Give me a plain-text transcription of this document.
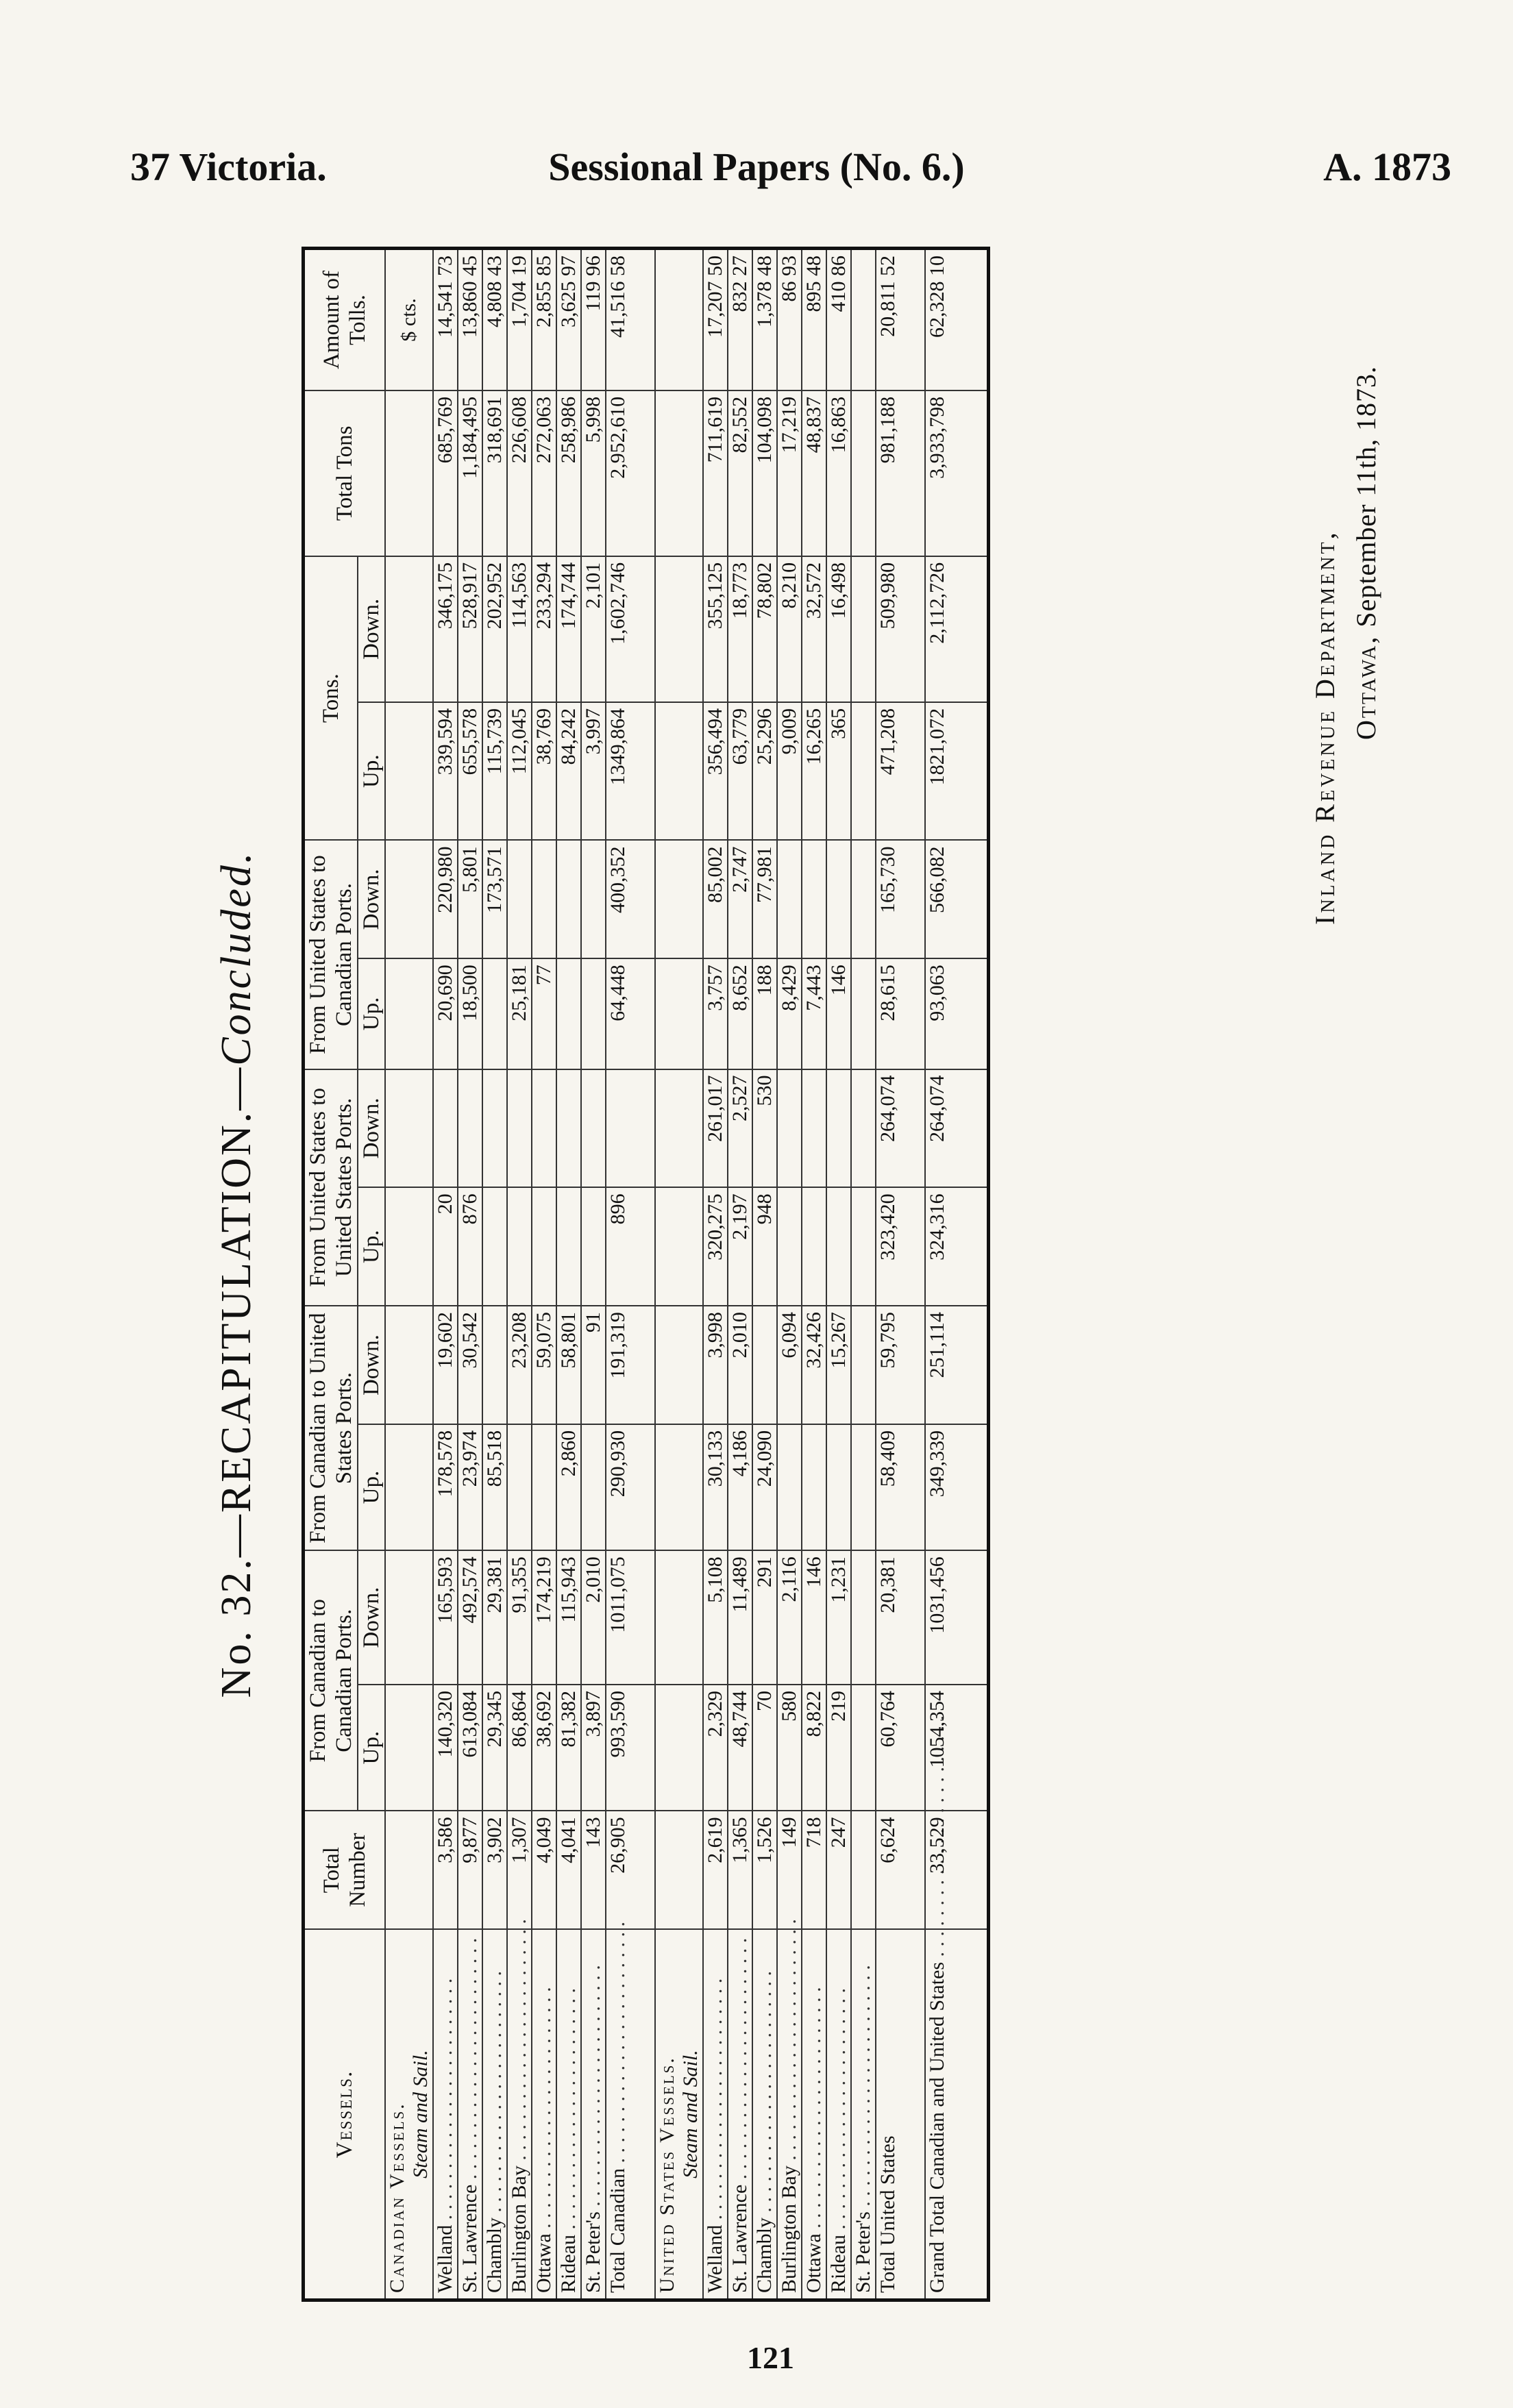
37 Victoria.	Sessional Papers (No. 6.)	A. 1873
No. 32.—RECAPITULATION.—Concluded.
Vessels.	Total Number	From Canadian to Canadian Ports.		From Canadian to United States Ports.		From United States to United States Ports.		From United States to Canadian Ports.		Tons.		Total Tons	Amount of Tolls.
		Up.	Down.	Up.	Down.	Up.	Down.	Up.	Down.	Up.	Down.		

Canadian Vessels. Steam and Sail.													$ cts.
Welland . . .	3,586	140,320	165,593	178,578	19,602	20		20,690	220,980	339,594	346,175	685,769	14,541 73
St. Lawrence . . .	9,877	613,084	492,574	23,974	30,542	876		18,500	5,801	655,578	528,917	1,184,495	13,860 45
Chambly . . .	3,902	29,345	29,381	85,518					173,571	115,739	202,952	318,691	4,808 43
Burlington Bay . . .	1,307	86,864	91,355		23,208			25,181		112,045	114,563	226,608	1,704 19
Ottawa . . .	4,049	38,692	174,219		59,075			77		38,769	233,294	272,063	2,855 85
Rideau . . .	4,041	81,382	115,943	2,860	58,801					84,242	174,744	258,986	3,625 97
St. Peter's . . .	143	3,897	2,010		91					3,997	2,101	5,998	119 96
Total Canadian . . .	26,905	993,590	1011,075	290,930	191,319	896		64,448	400,352	1349,864	1,602,746	2,952,610	41,516 58

United States Vessels. Steam and Sail.													

Welland . . .	2,619	2,329	5,108	30,133	3,998	320,275	261,017	3,757	85,002	356,494	355,125	711,619	17,207 50
St. Lawrence . . .	1,365	48,744	11,489	4,186	2,010	2,197	2,527	8,652	2,747	63,779	18,773	82,552	832 27
Chambly . . .	1,526	70	291	24,090		948	530	188	77,981	25,296	78,802	104,098	1,378 48
Burlington Bay . . .	149	580	2,116		6,094			8,429		9,009	8,210	17,219	86 93
Ottawa . . .	718	8,822	146		32,426			7,443		16,265	32,572	48,837	895 48
Rideau . . .	247	219	1,231		15,267			146		365	16,498	16,863	410 86
St. Peter's . . .													
Total United States	6,624	60,764	20,381	58,409	59,795	323,420	264,074	28,615	165,730	471,208	509,980	981,188	20,811 52

Grand Total Canadian and United States . . .	33,529	1054,354	1031,456	349,339	251,114	324,316	264,074	93,063	566,082	1821,072	2,112,726	3,933,798	62,328 10

Inland Revenue Department, Ottawa, September 11th, 1873.
121
